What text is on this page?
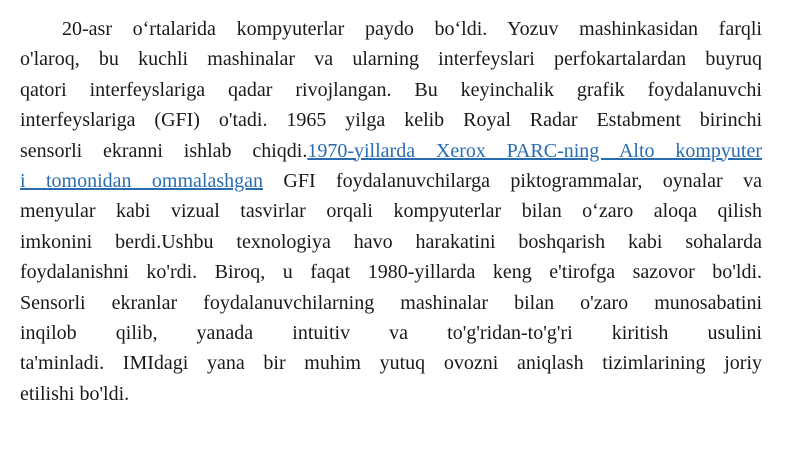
20-asr oʻrtalarida kompyuterlar paydo boʻldi. Yozuv mashinkasidan farqli
o'laroq, bu kuchli mashinalar va ularning interfeyslari perfokartalardan buyruq
qatori interfeyslariga qadar rivojlangan. Bu keyinchalik grafik foydalanuvchi
interfeyslariga (GFI) o'tadi. 1965 yilga kelib Royal Radar Estabment birinchi
sensorli ekranni ishlab chiqdi.1970-yillarda Xerox PARC-ning Alto kompyuter
i tomonidan ommalashgan GFI foydalanuvchilarga piktogrammalar, oynalar va
menyular kabi vizual tasvirlar orqali kompyuterlar bilan oʻzaro aloqa qilish
imkonini berdi.Ushbu texnologiya havo harakatini boshqarish kabi sohalarda
foydalanishni ko'rdi. Biroq, u faqat 1980-yillarda keng e'tirofga sazovor bo'ldi.
Sensorli ekranlar foydalanuvchilarning mashinalar bilan o'zaro munosabatini
inqilob qilib, yanada intuitiv va to'g'ridan-to'g'ri kiritish usulini
ta'minladi. IMIdagi yana bir muhim yutuq ovozni aniqlash tizimlarining joriy
etilishi bo'ldi.
